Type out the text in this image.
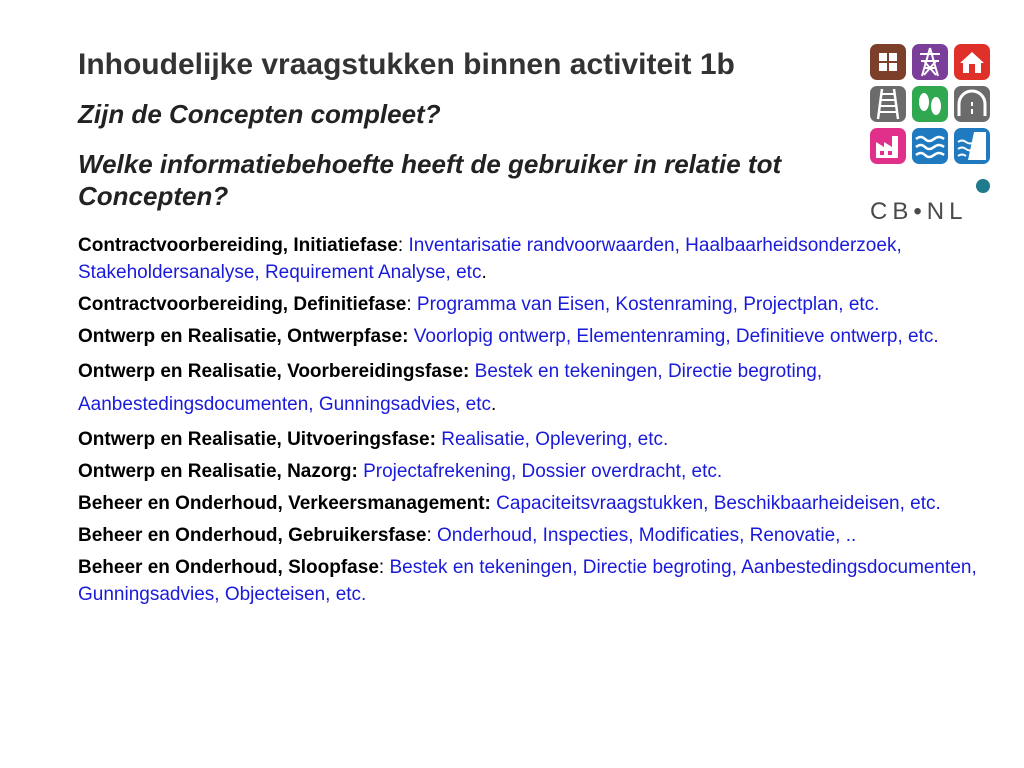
Inhoudelijke vraagstukken binnen activiteit 1b

Zijn de Concepten compleet?

Welke informatiebehoefte heeft de gebruiker in relatie tot Concepten?

CB•NL

Contractvoorbereiding, Initiatiefase: Inventarisatie randvoorwaarden, Haalbaarheidsonderzoek, Stakeholdersanalyse, Requirement Analyse, etc.

Contractvoorbereiding, Definitiefase: Programma van Eisen, Kostenraming, Projectplan, etc.

Ontwerp en Realisatie, Ontwerpfase: Voorlopig ontwerp, Elementenraming, Definitieve ontwerp, etc.

Ontwerp en Realisatie, Voorbereidingsfase: Bestek en tekeningen, Directie begroting, Aanbestedingsdocumenten, Gunningsadvies, etc.

Ontwerp en Realisatie, Uitvoeringsfase: Realisatie, Oplevering, etc.

Ontwerp en Realisatie, Nazorg: Projectafrekening, Dossier overdracht, etc.

Beheer en Onderhoud, Verkeersmanagement: Capaciteitsvraagstukken, Beschikbaarheideisen, etc.

Beheer en Onderhoud, Gebruikersfase: Onderhoud, Inspecties, Modificaties, Renovatie, ..

Beheer en Onderhoud, Sloopfase: Bestek en tekeningen, Directie begroting, Aanbestedingsdocumenten, Gunningsadvies, Objecteisen, etc.
